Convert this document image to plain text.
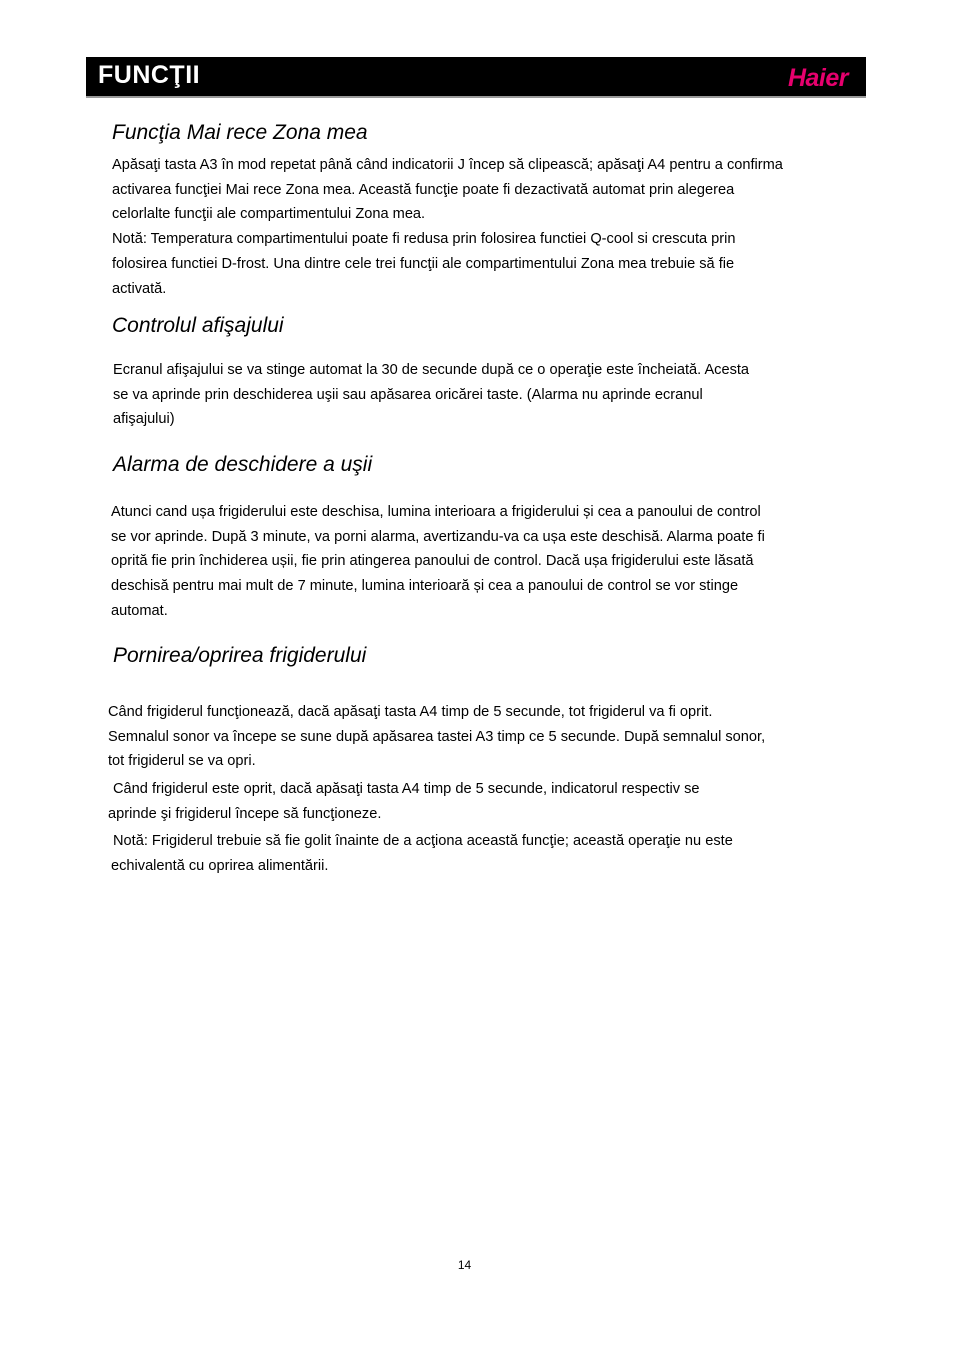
FUNCŢII	Haier
Funcţia Mai rece Zona mea
Apăsaţi tasta A3 în mod repetat până când indicatorii J încep să clipească; apăsaţi A4 pentru a confirma
activarea funcţiei Mai rece Zona mea. Această funcţie poate fi dezactivată automat prin alegerea
celorlalte funcţii ale compartimentului Zona mea.
Notă: Temperatura compartimentului poate fi redusa prin folosirea functiei Q-cool si crescuta prin
folosirea functiei D-frost. Una dintre cele trei funcţii ale compartimentului Zona mea trebuie să fie
activată.
Controlul afişajului
Ecranul afişajului se va stinge automat la 30 de secunde după ce o operaţie este încheiată. Acesta
se va aprinde prin deschiderea uşii sau apăsarea oricărei taste. (Alarma nu aprinde ecranul
afişajului)
Alarma de deschidere a uşii
Atunci cand ușa frigiderului este deschisa, lumina interioara a frigiderului și cea a panoului de control
se vor aprinde. După 3 minute, va porni alarma, avertizandu-va ca ușa este deschisă. Alarma poate fi
oprită fie prin închiderea ușii, fie prin atingerea panoului de control. Dacă ușa frigiderului este lăsată
deschisă pentru mai mult de 7 minute, lumina interioară și cea a panoului de control se vor stinge
automat.
Pornirea/oprirea frigiderului
Când frigiderul funcţionează, dacă apăsaţi tasta A4 timp de 5 secunde, tot frigiderul va fi oprit.
Semnalul sonor va începe se sune după apăsarea tastei A3 timp ce 5 secunde. După semnalul sonor,
tot frigiderul se va opri.
Când frigiderul este oprit, dacă apăsaţi tasta A4 timp de 5 secunde, indicatorul respectiv se
aprinde şi frigiderul începe să funcţioneze.
Notă: Frigiderul trebuie să fie golit înainte de a acţiona această funcţie; această operaţie nu este
echivalentă cu oprirea alimentării.
14
